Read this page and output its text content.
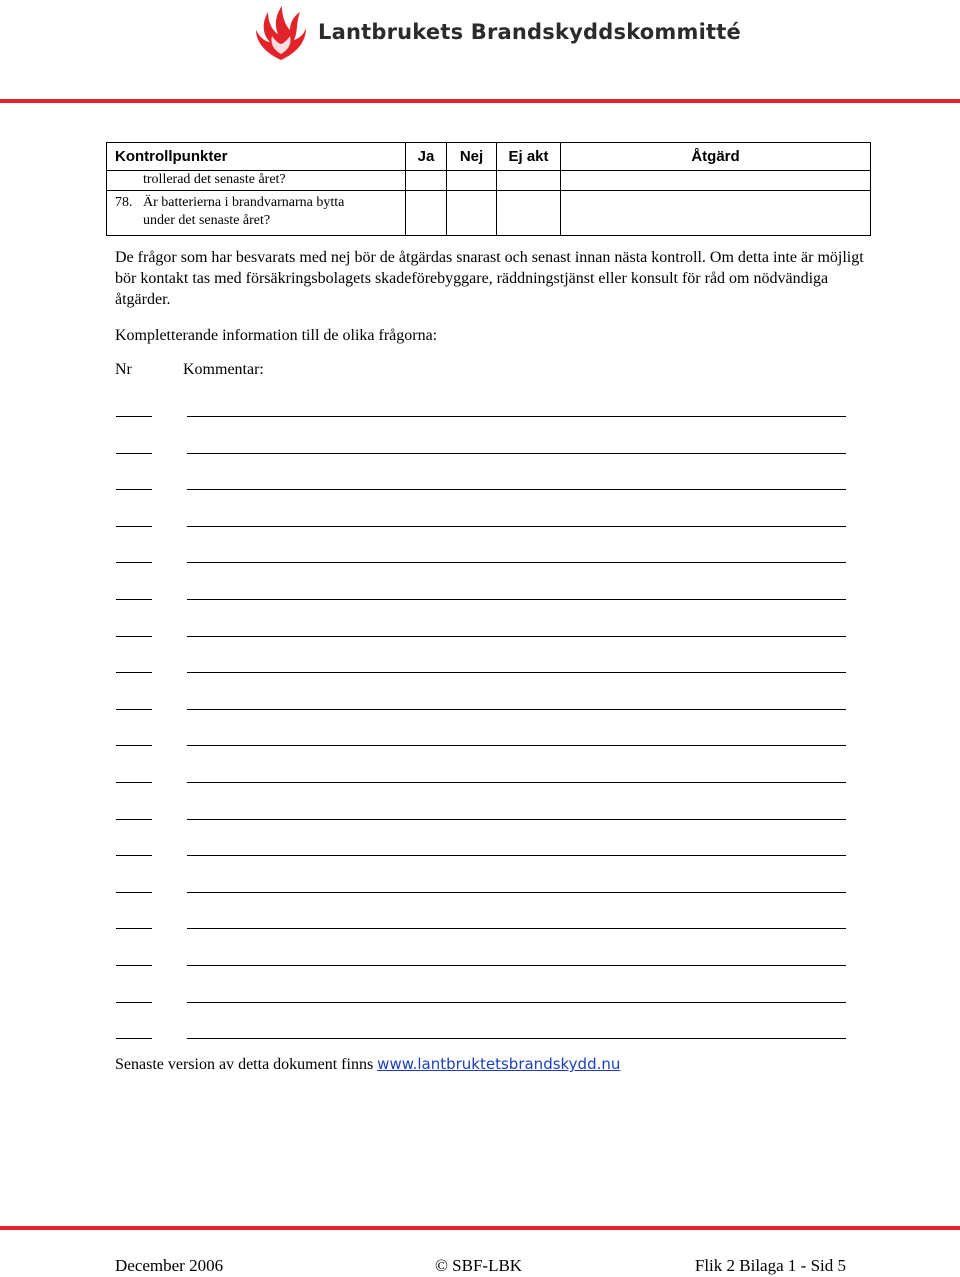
Lantbrukets Brandskyddskommitté
Kontrollpunkter	Ja	Nej	Ej akt	Åtgärd

trollerad det senaste året?				

78. Är batterierna i brandvarnarna bytta
under det senaste året?				

De frågor som har besvarats med nej bör de åtgärdas snarast och senast innan nästa kontroll. Om detta inte är möjligt bör kontakt tas med försäkringsbolagets skadeförebyggare, räddningstjänst eller konsult för råd om nödvändiga åtgärder.
Kompletterande information till de olika frågorna:
Nr	Kommentar:
Senaste version av detta dokument finns www.lantbruktetsbrandskydd.nu
December 2006	© SBF-LBK	Flik 2 Bilaga 1 - Sid 5
